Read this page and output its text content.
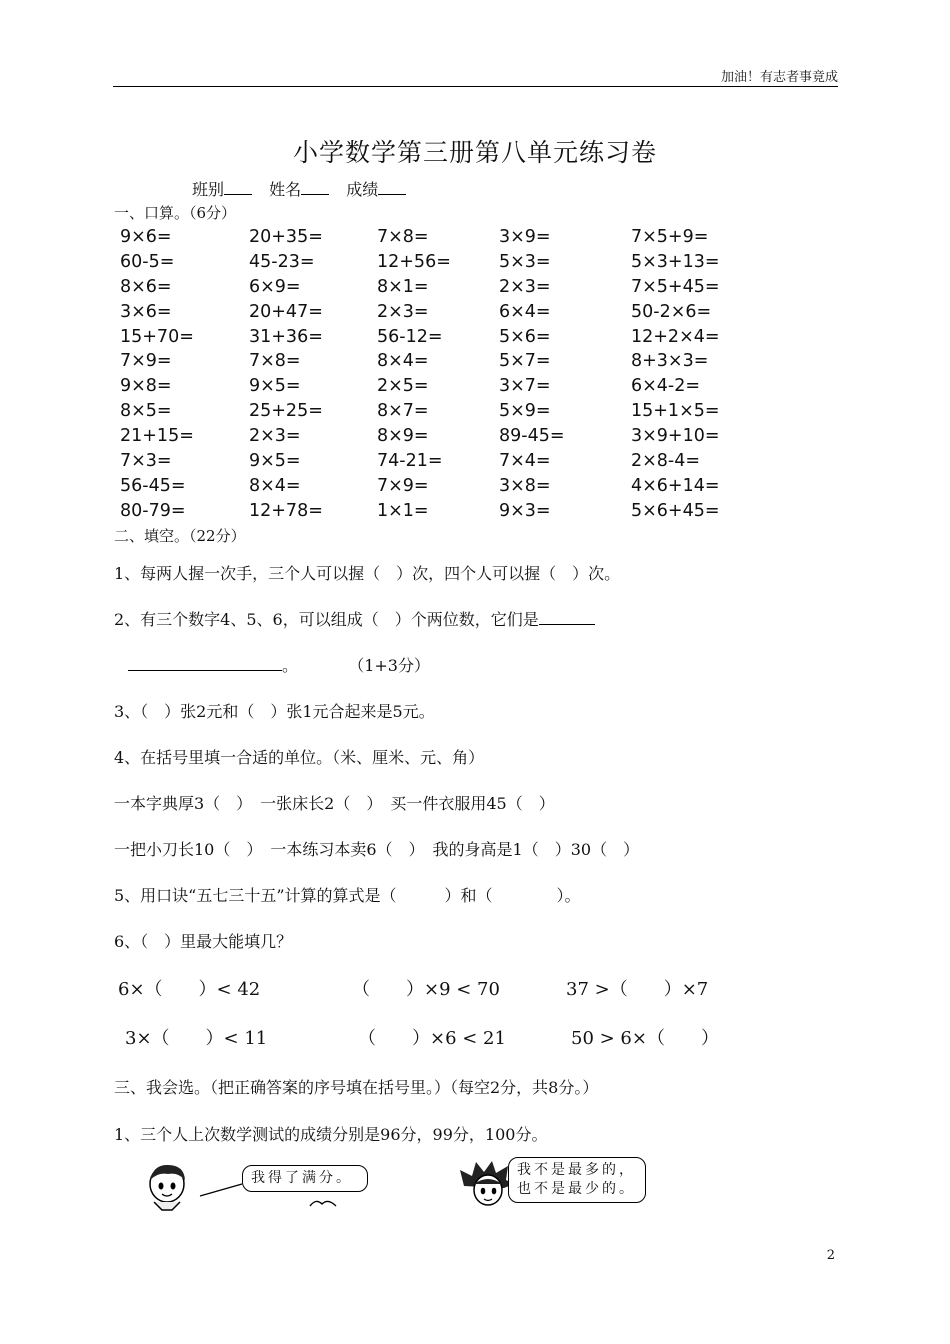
加油！有志者事竟成
小学数学第三册第八单元练习卷
班别	姓名	成绩
一、口算。（6分）
9×6=	20+35=	7×8=	3×9=	7×5+9=
60-5=	45-23=	12+56=	5×3=	5×3+13=
8×6=	6×9=	8×1=	2×3=	7×5+45=
3×6=	20+47=	2×3=	6×4=	50-2×6=
15+70=	31+36=	56-12=	5×6=	12+2×4=
7×9=	7×8=	8×4=	5×7=	8+3×3=
9×8=	9×5=	2×5=	3×7=	6×4-2=
8×5=	25+25=	8×7=	5×9=	15+1×5=
21+15=	2×3=	8×9=	89-45=	3×9+10=
7×3=	9×5=	74-21=	7×4=	2×8-4=
56-45=	8×4=	7×9=	3×8=	4×6+14=
80-79=	12+78=	1×1=	9×3=	5×6+45=
二、填空。（22分）
1、每两人握一次手，三个人可以握（　）次，四个人可以握（　）次。
2、有三个数字4、5、6，可以组成（　）个两位数，它们是
。	（1+3分）
3、（　）张2元和（　）张1元合起来是5元。
4、在括号里填一合适的单位。（米、厘米、元、角）
一本字典厚3（　）　一张床长2（　）　买一件衣服用45（　）
一把小刀长10（　）　一本练习本卖6（　）　我的身高是1（　）30（　）
5、用口诀“五七三十五”计算的算式是（　　　）和（　　　　）。
6、（　）里最大能填几？
6×（　　）< 42	（　　）×9 < 70	37 >（　　）×7
3×（　　）< 11	（　　）×6 < 21	50 > 6×（　　）
三、我会选。（把正确答案的序号填在括号里。）（每空2分，共8分。）
1、三个人上次数学测试的成绩分别是96分，99分，100分。
我得了满分。	我不是最多的，也不是最少的。
2
